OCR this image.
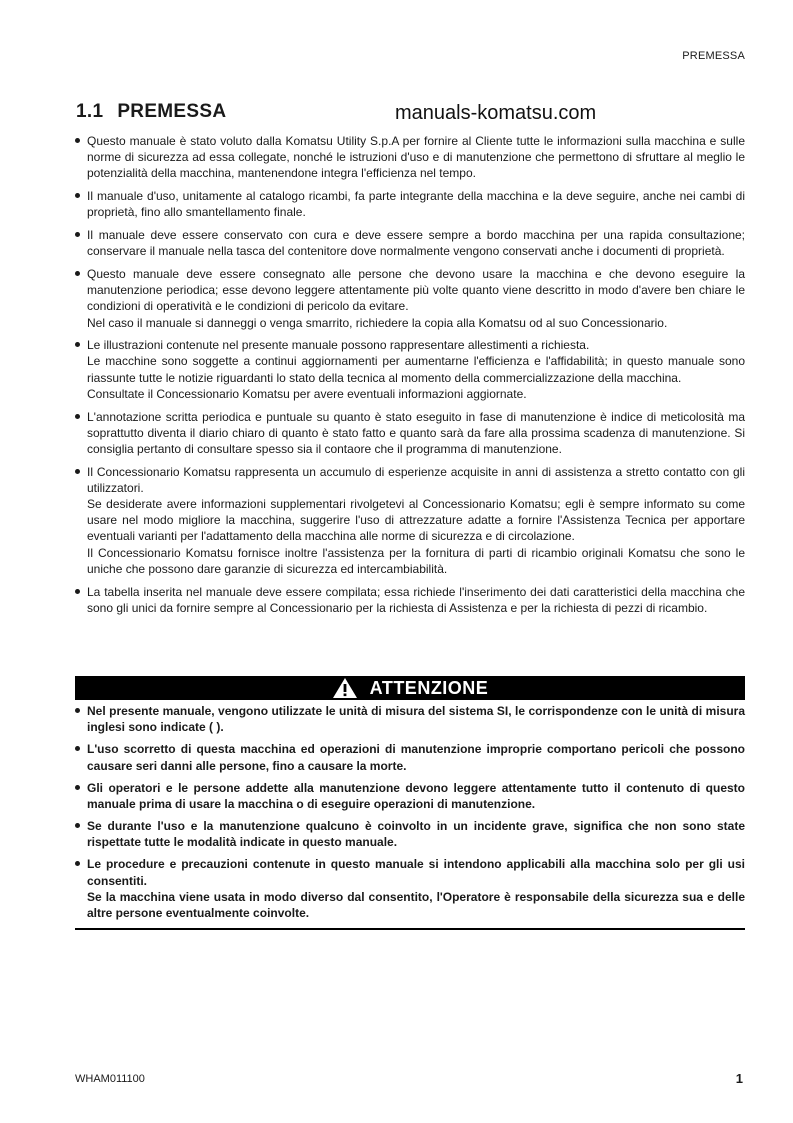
PREMESSA
1.1 PREMESSA	manuals-komatsu.com

Questo manuale è stato voluto dalla Komatsu Utility S.p.A per fornire al Cliente tutte le informazioni sulla macchina e sulle norme di sicurezza ad essa collegate, nonché le istruzioni d'uso e di manutenzione che permettono di sfruttare al meglio le potenzialità della macchina, mantenendone integra l'efficienza nel tempo.

Il manuale d'uso, unitamente al catalogo ricambi, fa parte integrante della macchina e la deve seguire, anche nei cambi di proprietà, fino allo smantellamento finale.

Il manuale deve essere conservato con cura e deve essere sempre a bordo macchina per una rapida consultazione; conservare il manuale nella tasca del contenitore dove normalmente vengono conservati anche i documenti di proprietà.

Questo manuale deve essere consegnato alle persone che devono usare la macchina e che devono eseguire la manutenzione periodica; esse devono leggere attentamente più volte quanto viene descritto in modo d'avere ben chiare le condizioni di operatività e le condizioni di pericolo da evitare.

Nel caso il manuale si danneggi o venga smarrito, richiedere la copia alla Komatsu od al suo Concessionario.

Le illustrazioni contenute nel presente manuale possono rappresentare allestimenti a richiesta.

Le macchine sono soggette a continui aggiornamenti per aumentarne l'efficienza e l'affidabilità; in questo manuale sono riassunte tutte le notizie riguardanti lo stato della tecnica al momento della commercializzazione della macchina.

Consultate il Concessionario Komatsu per avere eventuali informazioni aggiornate.

L'annotazione scritta periodica e puntuale su quanto è stato eseguito in fase di manutenzione è indice di meticolosità ma soprattutto diventa il diario chiaro di quanto è stato fatto e quanto sarà da fare alla prossima scadenza di manutenzione. Si consiglia pertanto di consultare spesso sia il contaore che il programma di manutenzione.

Il Concessionario Komatsu rappresenta un accumulo di esperienze acquisite in anni di assistenza a stretto contatto con gli utilizzatori.

Se desiderate avere informazioni supplementari rivolgetevi al Concessionario Komatsu; egli è sempre informato su come usare nel modo migliore la macchina, suggerire l'uso di attrezzature adatte a fornire l'Assistenza Tecnica per apportare eventuali varianti per l'adattamento della macchina alle norme di sicurezza e di circolazione.

Il Concessionario Komatsu fornisce inoltre l'assistenza per la fornitura di parti di ricambio originali Komatsu che sono le uniche che possono dare garanzie di sicurezza ed intercambiabilità.

La tabella inserita nel manuale deve essere compilata; essa richiede l'inserimento dei dati caratteristici della macchina che sono gli unici da fornire sempre al Concessionario per la richiesta di Assistenza e per la richiesta di pezzi di ricambio.

ATTENZIONE

Nel presente manuale, vengono utilizzate le unità di misura del sistema SI, le corrispondenze con le unità di misura inglesi sono indicate ( ).

L'uso scorretto di questa macchina ed operazioni di manutenzione improprie comportano pericoli che possono causare seri danni alle persone, fino a causare la morte.

Gli operatori e le persone addette alla manutenzione devono leggere attentamente tutto il contenuto di questo manuale prima di usare la macchina o di eseguire operazioni di manutenzione.

Se durante l'uso e la manutenzione qualcuno è coinvolto in un incidente grave, significa che non sono state rispettate tutte le modalità indicate in questo manuale.

Le procedure e precauzioni contenute in questo manuale si intendono applicabili alla macchina solo per gli usi consentiti.

Se la macchina viene usata in modo diverso dal consentito, l'Operatore è responsabile della sicurezza sua e delle altre persone eventualmente coinvolte.

WHAM011100	1
